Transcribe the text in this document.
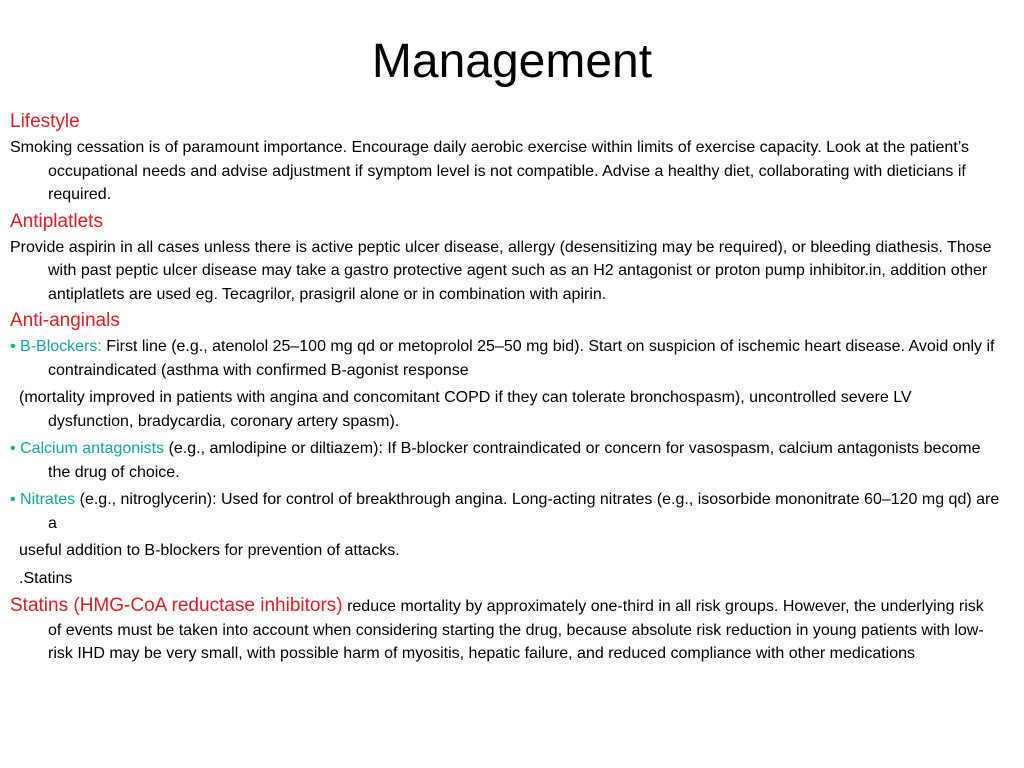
Management

Lifestyle

Smoking cessation is of paramount importance. Encourage daily aerobic exercise within limits of exercise capacity. Look at the patient’s occupational needs and advise adjustment if symptom level is not compatible. Advise a healthy diet, collaborating with dieticians if required.

Antiplatlets

Provide aspirin in all cases unless there is active peptic ulcer disease, allergy (desensitizing may be required), or bleeding diathesis. Those with past peptic ulcer disease may take a gastro protective agent such as an H2 antagonist or proton pump inhibitor.in, addition other antiplatlets are used eg. Tecagrilor, prasigril alone or in combination with apirin.

Anti-anginals

• B-Blockers: First line (e.g., atenolol 25–100 mg qd or metoprolol 25–50 mg bid). Start on suspicion of ischemic heart disease. Avoid only if contraindicated (asthma with confirmed B-agonist response

(mortality improved in patients with angina and concomitant COPD if they can tolerate bronchospasm), uncontrolled severe LV dysfunction, bradycardia, coronary artery spasm).

• Calcium antagonists (e.g., amlodipine or diltiazem): If B-blocker contraindicated or concern for vasospasm, calcium antagonists become the drug of choice.

• Nitrates (e.g., nitroglycerin): Used for control of breakthrough angina. Long-acting nitrates (e.g., isosorbide mononitrate 60–120 mg qd) are a

useful addition to B-blockers for prevention of attacks.

.Statins

Statins (HMG-CoA reductase inhibitors) reduce mortality by approximately one-third in all risk groups. However, the underlying risk of events must be taken into account when considering starting the drug, because absolute risk reduction in young patients with low-risk IHD may be very small, with possible harm of myositis, hepatic failure, and reduced compliance with other medications
